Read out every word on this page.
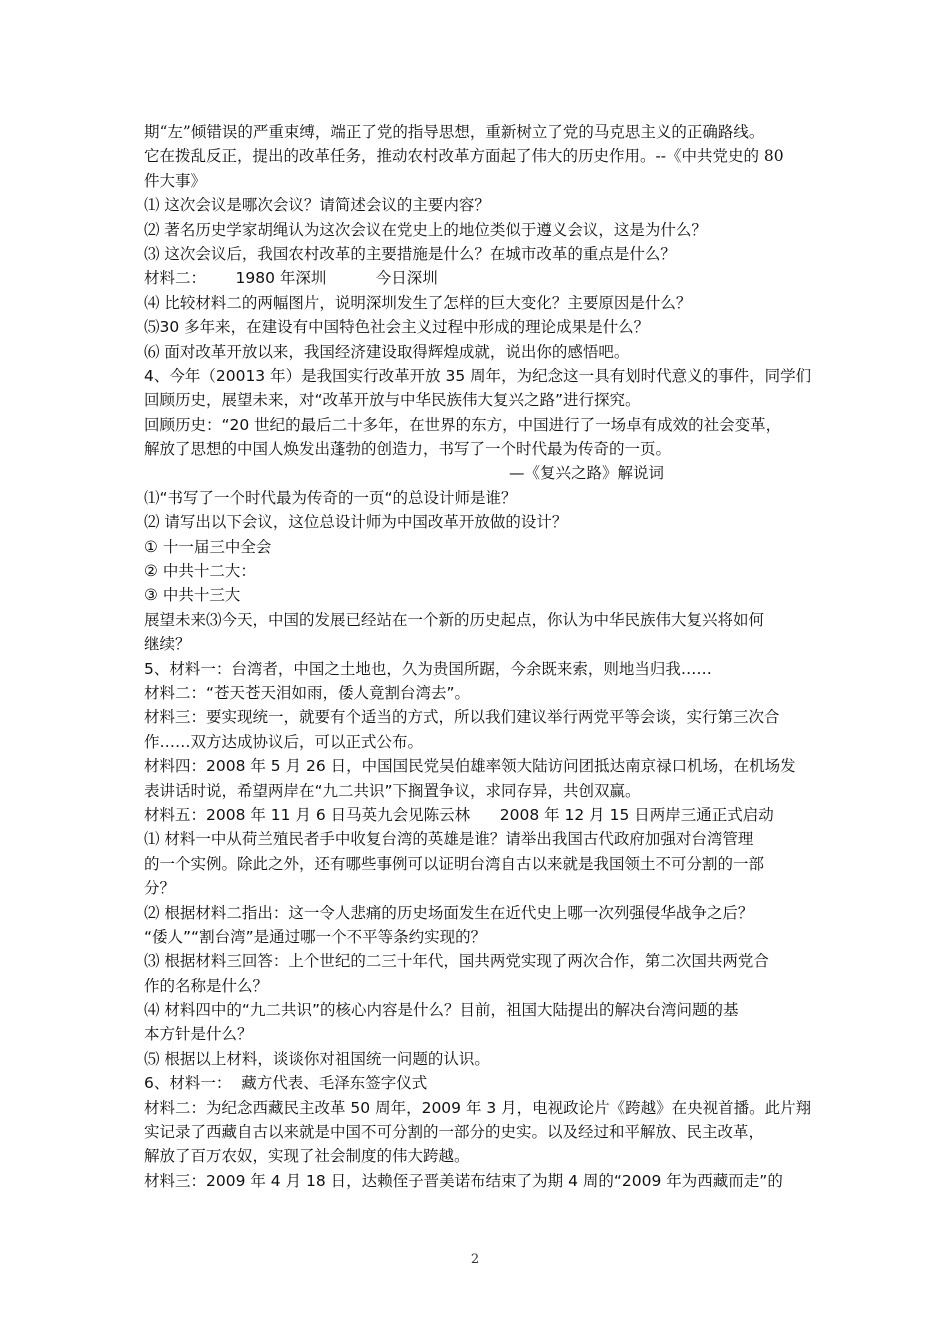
期“左”倾错误的严重束缚，端正了党的指导思想，重新树立了党的马克思主义的正确路线。
它在拨乱反正，提出的改革任务，推动农村改革方面起了伟大的历史作用。--《中共党史的 80
件大事》
⑴ 这次会议是哪次会议？请简述会议的主要内容？
⑵ 著名历史学家胡绳认为这次会议在党史上的地位类似于遵义会议，这是为什么？
⑶ 这次会议后，我国农村改革的主要措施是什么？在城市改革的重点是什么？
材料二：      1980 年深圳          今日深圳
⑷ 比较材料二的两幅图片，说明深圳发生了怎样的巨大变化？主要原因是什么？
⑸30 多年来，在建设有中国特色社会主义过程中形成的理论成果是什么？
⑹ 面对改革开放以来，我国经济建设取得辉煌成就，说出你的感悟吧。
4、今年（20013 年）是我国实行改革开放 35 周年，为纪念这一具有划时代意义的事件，同学们
回顾历史，展望未来，对“改革开放与中华民族伟大复兴之路”进行探究。
回顾历史：“20 世纪的最后二十多年，在世界的东方，中国进行了一场卓有成效的社会变革，
解放了思想的中国人焕发出蓬勃的创造力，书写了一个时代最为传奇的一页。
—《复兴之路》解说词
⑴“书写了一个时代最为传奇的一页“的总设计师是谁？
⑵ 请写出以下会议，这位总设计师为中国改革开放做的设计？
① 十一届三中全会
② 中共十二大：
③ 中共十三大
展望未来⑶今天，中国的发展已经站在一个新的历史起点，你认为中华民族伟大复兴将如何
继续？
5、材料一：台湾者，中国之土地也，久为贵国所踞，今余既来索，则地当归我……
材料二：“苍天苍天泪如雨，倭人竟割台湾去”。
材料三：要实现统一，就要有个适当的方式，所以我们建议举行两党平等会谈，实行第三次合
作……双方达成协议后，可以正式公布。
材料四：2008 年 5 月 26 日，中国国民党吴伯雄率领大陆访问团抵达南京禄口机场，在机场发
表讲话时说，希望两岸在“九二共识”下搁置争议，求同存异，共创双赢。
材料五：2008 年 11 月 6 日马英九会见陈云林      2008 年 12 月 15 日两岸三通正式启动
⑴ 材料一中从荷兰殖民者手中收复台湾的英雄是谁？请举出我国古代政府加强对台湾管理
的一个实例。除此之外，还有哪些事例可以证明台湾自古以来就是我国领土不可分割的一部
分？
⑵ 根据材料二指出：这一令人悲痛的历史场面发生在近代史上哪一次列强侵华战争之后？
“倭人”“割台湾”是通过哪一个不平等条约实现的？
⑶ 根据材料三回答：上个世纪的二三十年代，国共两党实现了两次合作，第二次国共两党合
作的名称是什么？
⑷ 材料四中的“九二共识”的核心内容是什么？目前，祖国大陆提出的解决台湾问题的基
本方针是什么？
⑸ 根据以上材料，谈谈你对祖国统一问题的认识。
6、材料一：  藏方代表、毛泽东签字仪式
材料二：为纪念西藏民主改革 50 周年，2009 年 3 月，电视政论片《跨越》在央视首播。此片翔
实记录了西藏自古以来就是中国不可分割的一部分的史实。以及经过和平解放、民主改革，
解放了百万农奴，实现了社会制度的伟大跨越。
材料三：2009 年 4 月 18 日，达赖侄子晋美诺布结束了为期 4 周的“2009 年为西藏而走”的
2
